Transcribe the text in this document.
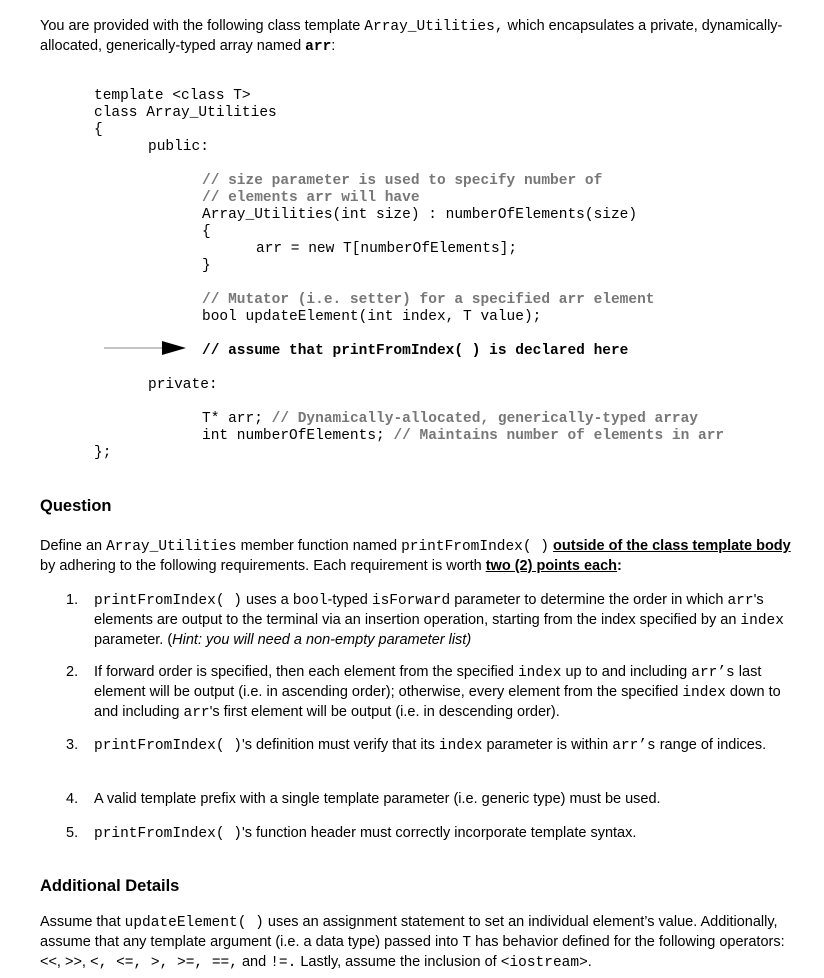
You are provided with the following class template Array_Utilities, which encapsulates a private, dynamically-allocated, generically-typed array named arr:

template <class T>
class Array_Utilities
{
public:
// size parameter is used to specify number of
// elements arr will have
Array_Utilities(int size) : numberOfElements(size)
{
arr = new T[numberOfElements];
}
// Mutator (i.e. setter) for a specified arr element
bool updateElement(int index, T value);
// assume that printFromIndex( ) is declared here
private:
T* arr; // Dynamically-allocated, generically-typed array
int numberOfElements; // Maintains number of elements in arr
};
Question

Define an Array_Utilities member function named printFromIndex( ) outside of the class template body by adhering to the following requirements. Each requirement is worth two (2) points each:

1. printFromIndex( ) uses a bool-typed isForward parameter to determine the order in which arr's elements are output to the terminal via an insertion operation, starting from the index specified by an index parameter. (Hint: you will need a non-empty parameter list)
2. If forward order is specified, then each element from the specified index up to and including arr’s last element will be output (i.e. in ascending order); otherwise, every element from the specified index down to and including arr's first element will be output (i.e. in descending order).
3. printFromIndex( )'s definition must verify that its index parameter is within arr’s range of indices.
4. A valid template prefix with a single template parameter (i.e. generic type) must be used.
5. printFromIndex( )'s function header must correctly incorporate template syntax.
Additional Details

Assume that updateElement( ) uses an assignment statement to set an individual element’s value. Additionally, assume that any template argument (i.e. a data type) passed into T has behavior defined for the following operators: <<, >>, <, <=, >, >=, ==, and !=. Lastly, assume the inclusion of <iostream>.
